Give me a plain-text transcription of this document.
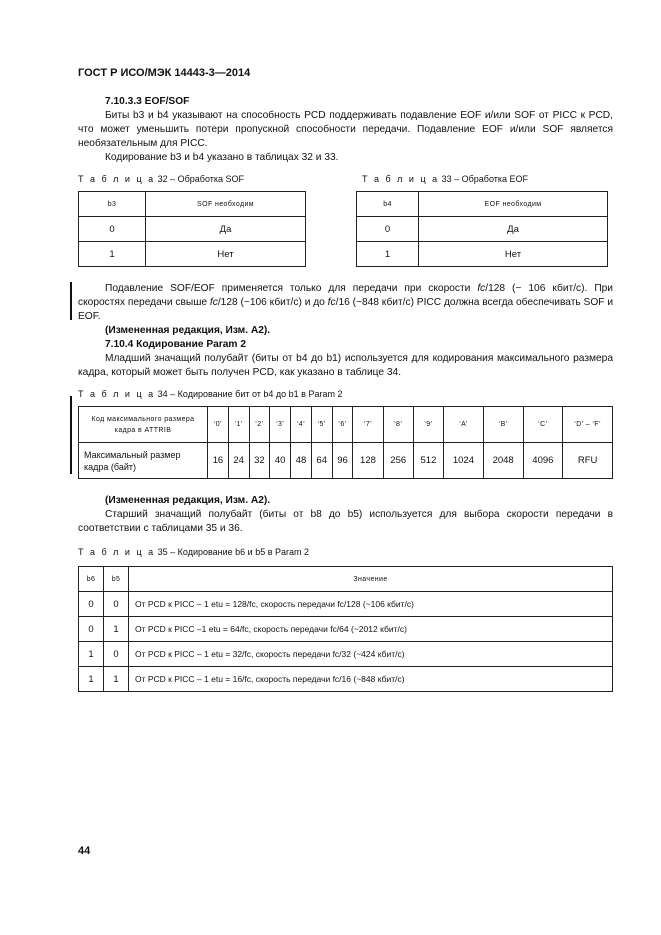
ГОСТ Р ИСО/МЭК 14443-3—2014
7.10.3.3 EOF/SOF
Биты b3 и b4 указывают на способность PCD поддерживать подавление EOF и/или SOF от PICC к PCD, что может уменьшить потери пропускной способности передачи. Подавление EOF и/или SOF является необязательным для PICC.
Кодирование b3 и b4 указано в таблицах 32 и 33.
Т а б л и ц а 32 – Обработка SOF
b3	SOF необходим
0	Да
1	Нет
Т а б л и ц а 33 – Обработка EOF
b4	EOF необходим
0	Да
1	Нет
Подавление SOF/EOF применяется только для передачи при скорости fc/128 (~ 106 кбит/с). При скоростях передачи свыше fc/128 (~106 кбит/с) и до fc/16 (~848 кбит/с) PICC должна всегда обеспечивать SOF и EOF.
(Измененная редакция, Изм. А2).
7.10.4 Кодирование Param 2
Младший значащий полубайт (биты от b4 до b1) используется для кодирования максимального размера кадра, который может быть получен PCD, как указано в таблице 34.
Т а б л и ц а 34 – Кодирование бит от b4 до b1 в Param 2
Код максимального размера кадра в ATTRIB	‘0’	‘1’	‘2’	‘3’	‘4’	‘5’	‘6’	‘7’	‘8’	‘9’	‘A’	‘B’	‘C’	‘D’ – ‘F’
Максимальный размер кадра (байт)	16	24	32	40	48	64	96	128	256	512	1024	2048	4096	RFU
(Измененная редакция, Изм. А2).
Старший значащий полубайт (биты от b8 до b5) используется для выбора скорости передачи в соответствии с таблицами 35 и 36.
Т а б л и ц а 35 – Кодирование b6 и b5 в Param 2
b6	b5	Значение
0	0	От PCD к PICC – 1 etu = 128/fc, скорость передачи fc/128 (~106 кбит/с)
0	1	От PCD к PICC –1 etu = 64/fc, скорость передачи fc/64 (~2012 кбит/с)
1	0	От PCD к PICC – 1 etu = 32/fc, скорость передачи fc/32 (~424 кбит/с)
1	1	От PCD к PICC – 1 etu = 16/fc, скорость передачи fc/16 (~848 кбит/с)
44
